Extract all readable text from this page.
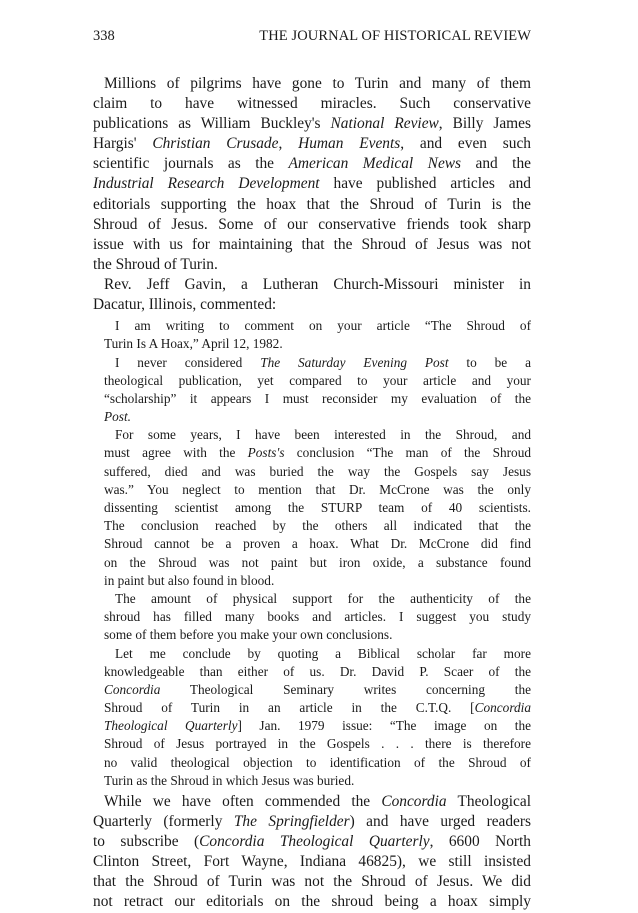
338	THE JOURNAL OF HISTORICAL REVIEW
Millions of pilgrims have gone to Turin and many of them
claim to have witnessed miracles. Such conservative
publications as William Buckley's National Review, Billy James
Hargis' Christian Crusade, Human Events, and even such
scientific journals as the American Medical News and the
Industrial Research Development have published articles and
editorials supporting the hoax that the Shroud of Turin is the
Shroud of Jesus. Some of our conservative friends took sharp
issue with us for maintaining that the Shroud of Jesus was not
the Shroud of Turin.
Rev. Jeff Gavin, a Lutheran Church-Missouri minister in
Dacatur, Illinois, commented:
I am writing to comment on your article “The Shroud of
Turin Is A Hoax,” April 12, 1982.
I never considered The Saturday Evening Post to be a
theological publication, yet compared to your article and your
“scholarship” it appears I must reconsider my evaluation of the
Post.
For some years, I have been interested in the Shroud, and
must agree with the Posts's conclusion “The man of the Shroud
suffered, died and was buried the way the Gospels say Jesus
was.” You neglect to mention that Dr. McCrone was the only
dissenting scientist among the STURP team of 40 scientists.
The conclusion reached by the others all indicated that the
Shroud cannot be a proven a hoax. What Dr. McCrone did find
on the Shroud was not paint but iron oxide, a substance found
in paint but also found in blood.
The amount of physical support for the authenticity of the
shroud has filled many books and articles. I suggest you study
some of them before you make your own conclusions.
Let me conclude by quoting a Biblical scholar far more
knowledgeable than either of us. Dr. David P. Scaer of the
Concordia Theological Seminary writes concerning the
Shroud of Turin in an article in the C.T.Q. [Concordia
Theological Quarterly] Jan. 1979 issue: “The image on the
Shroud of Jesus portrayed in the Gospels . . . there is therefore
no valid theological objection to identification of the Shroud of
Turin as the Shroud in which Jesus was buried.
While we have often commended the Concordia Theological
Quarterly (formerly The Springfielder) and have urged readers
to subscribe (Concordia Theological Quarterly, 6600 North
Clinton Street, Fort Wayne, Indiana 46825), we still insisted
that the Shroud of Turin was not the Shroud of Jesus. We did
not retract our editorials on the shroud being a hoax simply
